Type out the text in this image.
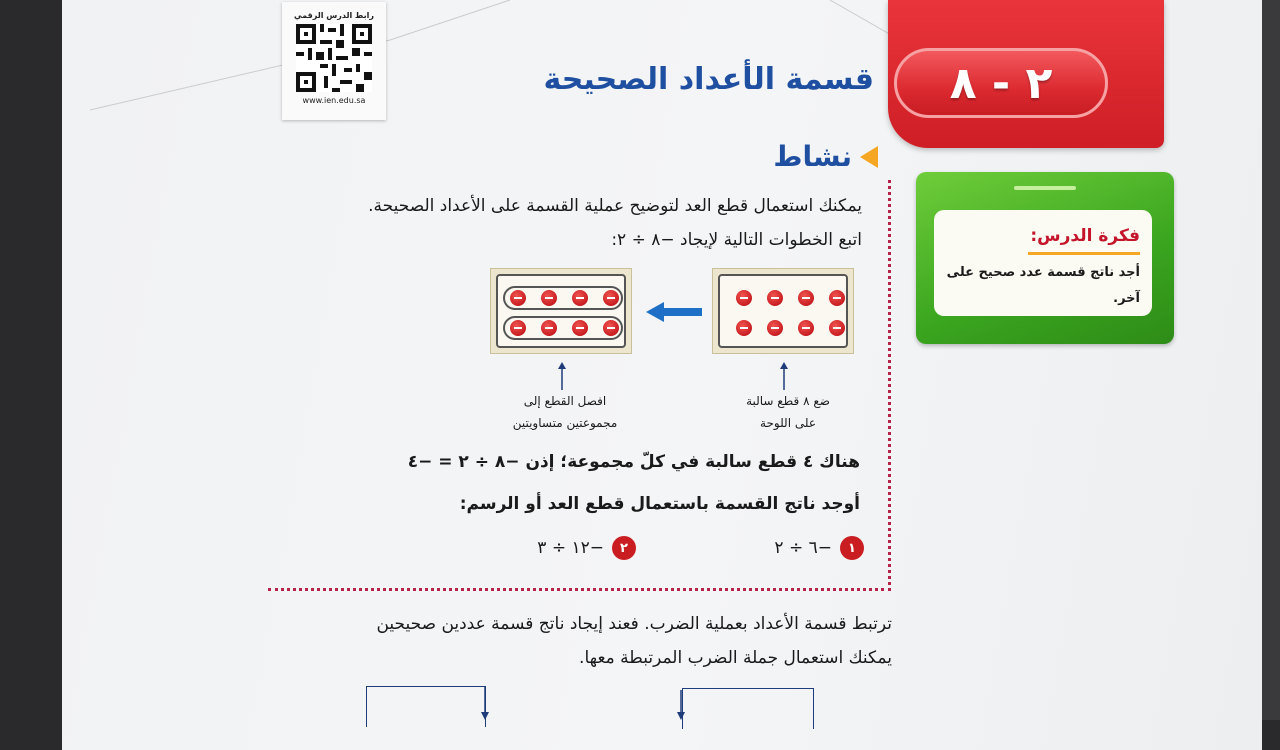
رابط الدرس الرقمي
www.ien.edu.sa	٢ - ٨
قسمة الأعداد الصحيحة
نشاط
يمكنك استعمال قطع العد لتوضيح عملية القسمة على الأعداد الصحيحة.
اتبع الخطوات التالية لإيجاد −٨ ÷ ٢:
ضع ٨ قطع سالبة
على اللوحة
افصل القطع إلى
مجموعتين متساويتين
هناك ٤ قطع سالبة في كلّ مجموعة؛ إذن −٨ ÷ ٢ = −٤
أوجد ناتج القسمة باستعمال قطع العد أو الرسم:
١
−٦ ÷ ٢
٢
−١٢ ÷ ٣
ترتبط قسمة الأعداد بعملية الضرب. فعند إيجاد ناتج قسمة عددين صحيحين
يمكنك استعمال جملة الضرب المرتبطة معها.
فكرة الدرس:
أجد ناتج قسمة عدد صحيح على آخر.
